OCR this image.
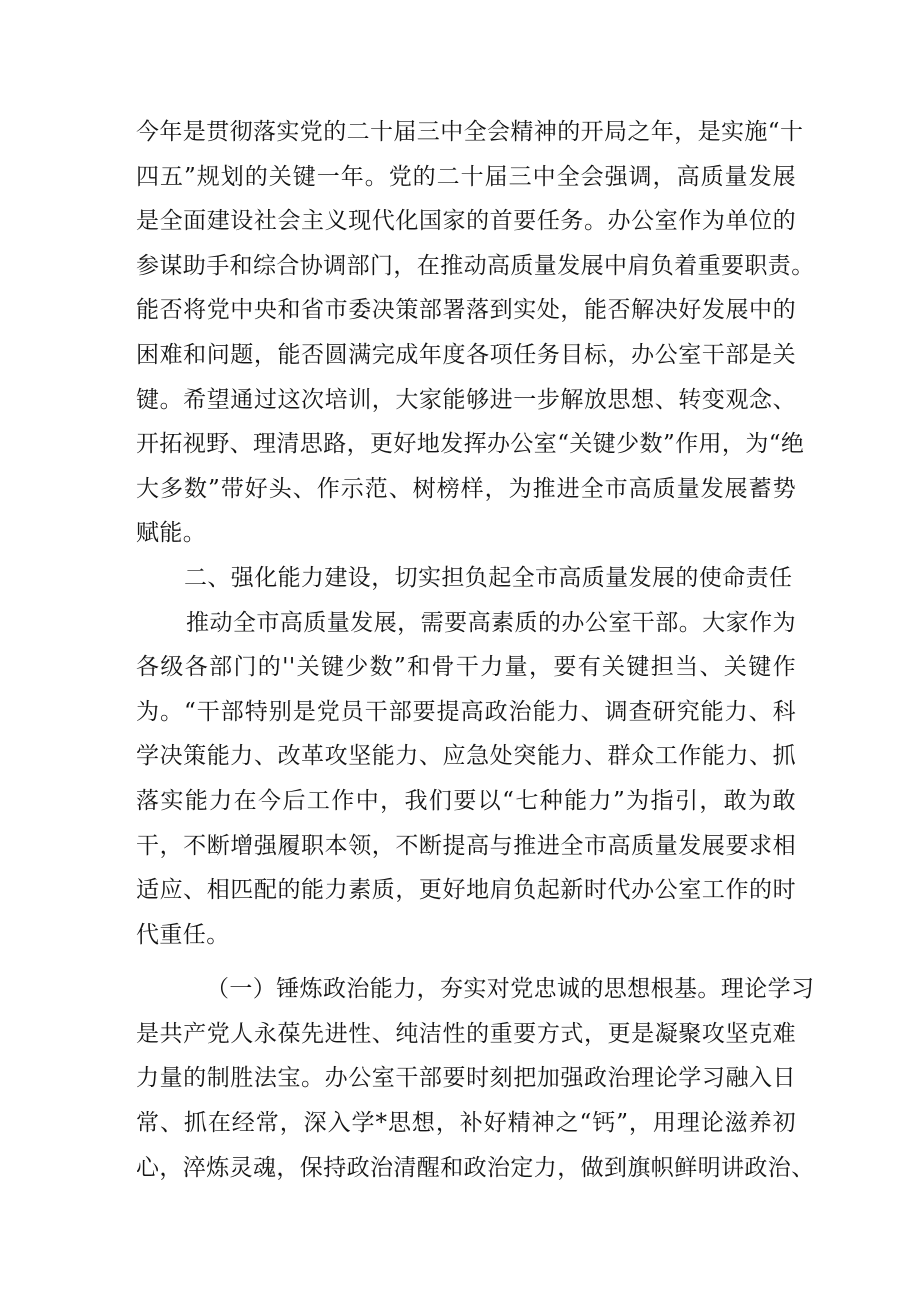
今年是贯彻落实党的二十届三中全会精神的开局之年，是实施“十
四五”规划的关键一年。党的二十届三中全会强调，高质量发展
是全面建设社会主义现代化国家的首要任务。办公室作为单位的
参谋助手和综合协调部门，在推动高质量发展中肩负着重要职责。
能否将党中央和省市委决策部署落到实处，能否解决好发展中的
困难和问题，能否圆满完成年度各项任务目标，办公室干部是关
键。希望通过这次培训，大家能够进一步解放思想、转变观念、
开拓视野、理清思路，更好地发挥办公室“关键少数”作用，为“绝
大多数”带好头、作示范、树榜样，为推进全市高质量发展蓄势
赋能。
二、强化能力建设，切实担负起全市高质量发展的使命责任
推动全市高质量发展，需要高素质的办公室干部。大家作为
各级各部门的''关键少数”和骨干力量，要有关键担当、关键作
为。“干部特别是党员干部要提高政治能力、调查研究能力、科
学决策能力、改革攻坚能力、应急处突能力、群众工作能力、抓
落实能力在今后工作中，我们要以“七种能力”为指引，敢为敢
干，不断增强履职本领，不断提高与推进全市高质量发展要求相
适应、相匹配的能力素质，更好地肩负起新时代办公室工作的时
代重任。
（一）锤炼政治能力，夯实对党忠诚的思想根基。理论学习
是共产党人永葆先进性、纯洁性的重要方式，更是凝聚攻坚克难
力量的制胜法宝。办公室干部要时刻把加强政治理论学习融入日
常、抓在经常，深入学*思想，补好精神之“钙”，用理论滋养初
心，淬炼灵魂，保持政治清醒和政治定力，做到旗帜鲜明讲政治、
